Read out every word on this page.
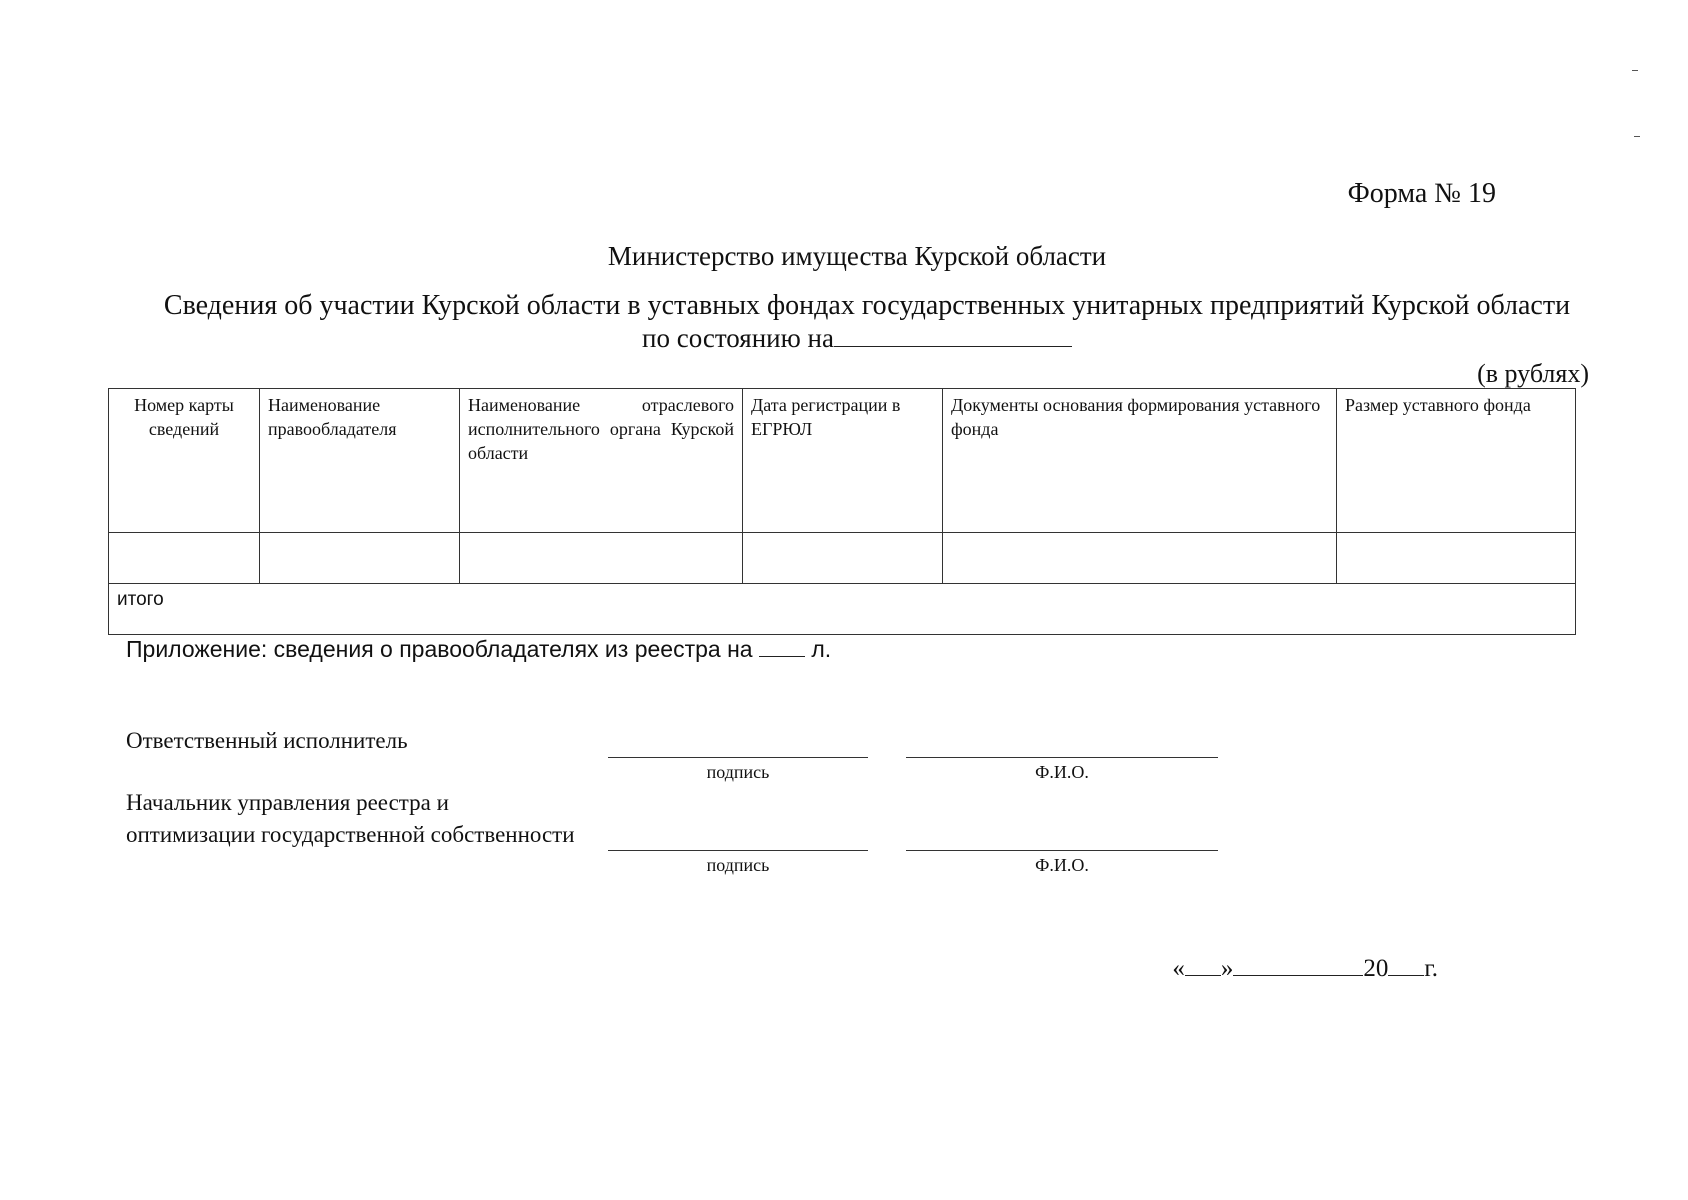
Форма № 19
Министерство имущества Курской области
Сведения об участии Курской области в уставных фондах государственных унитарных предприятий Курской области
по состоянию на
(в рублях)
Номер карты сведений	Наименование правообладателя	Наименование отраслевого исполнительного органа Курской области	Дата регистрации в ЕГРЮЛ	Документы основания формирования уставного фонда	Размер уставного фонда

итого					
Приложение: сведения о правообладателях из реестра на	л.
Ответственный исполнитель
подпись	Ф.И.О.
Начальник управления реестра и
оптимизации государственной собственности
подпись	Ф.И.О.
« »	20 г.
